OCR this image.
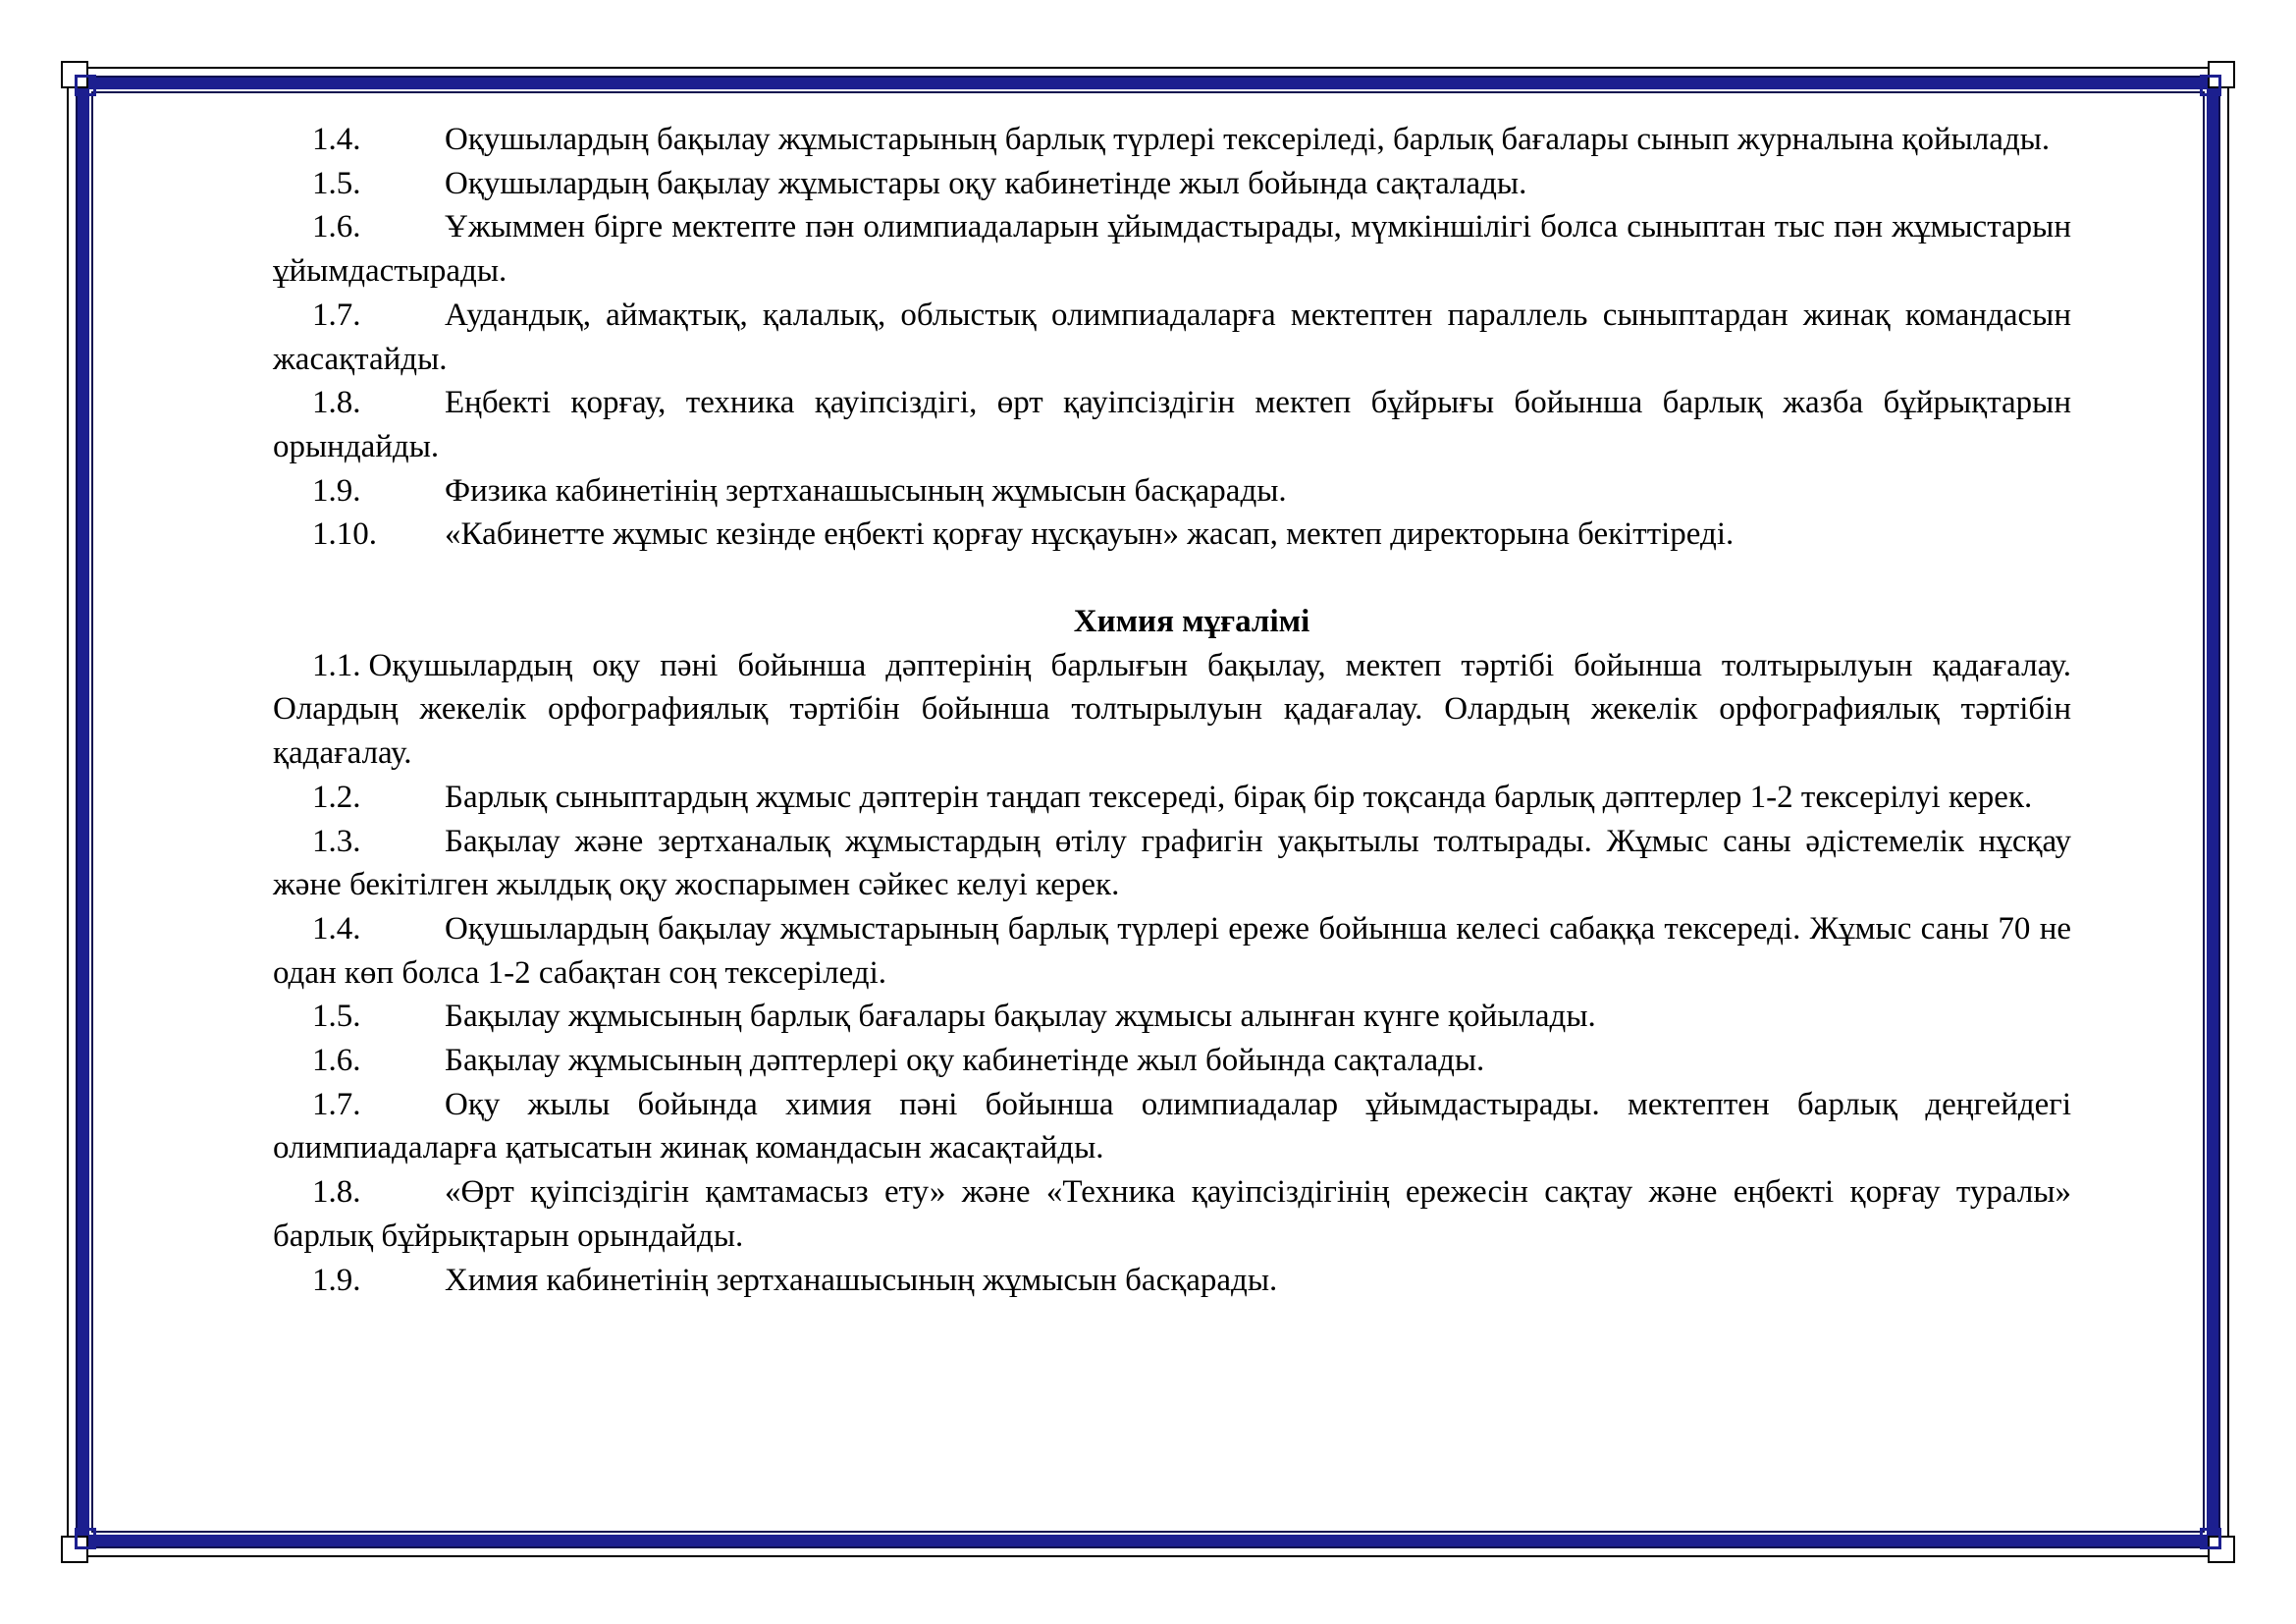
1.4.	Оқушылардың бақылау жұмыстарының барлық түрлері тексеріледі, барлық бағалары сынып журналына қойылады.

1.5.	Оқушылардың бақылау жұмыстары оқу кабинетінде жыл бойында сақталады.

1.6.	Ұжыммен бірге мектепте пән олимпиадаларын ұйымдастырады, мүмкіншілігі болса сыныптан тыс пән жұмыстарын ұйымдастырады.

1.7.	Аудандық, аймақтық, қалалық, облыстық олимпиадаларға мектептен параллель сыныптардан жинақ командасын жасақтайды.

1.8.	Еңбекті қорғау, техника қауіпсіздігі, өрт қауіпсіздігін мектеп бұйрығы бойынша барлық жазба бұйрықтарын орындайды.

1.9.	Физика кабинетінің зертханашысының жұмысын басқарады.

1.10. «Кабинетте жұмыс кезінде еңбекті қорғау нұсқауын» жасап, мектеп директорына бекіттіреді.

Химия мұғалімі

1.1. Оқушылардың оқу пәні бойынша дәптерінің барлығын бақылау, мектеп тәртібі бойынша толтырылуын қадағалау. Олардың жекелік орфографиялық тәртібін бойынша толтырылуын қадағалау. Олардың жекелік орфографиялық тәртібін қадағалау.

1.2.	Барлық сыныптардың жұмыс дәптерін таңдап тексереді, бірақ бір тоқсанда барлық дәптерлер 1-2 тексерілуі керек.

1.3.	Бақылау және зертханалық жұмыстардың өтілу графигін уақытылы толтырады. Жұмыс саны әдістемелік нұсқау және бекітілген жылдық оқу жоспарымен сәйкес келуі керек.

1.4.	Оқушылардың бақылау жұмыстарының барлық түрлері ереже бойынша келесі сабаққа тексереді. Жұмыс саны 70 не одан көп болса 1-2 сабақтан соң тексеріледі.

1.5.	Бақылау жұмысының барлық бағалары бақылау жұмысы алынған күнге қойылады.

1.6.	Бақылау жұмысының дәптерлері оқу кабинетінде жыл бойында сақталады.

1.7.	Оқу жылы бойында химия пәні бойынша олимпиадалар ұйымдастырады. мектептен барлық деңгейдегі олимпиадаларға қатысатын жинақ командасын жасақтайды.

1.8.	«Өрт қуіпсіздігін қамтамасыз ету» және «Техника қауіпсіздігінің ережесін сақтау және еңбекті қорғау туралы» барлық бұйрықтарын орындайды.

1.9.	Химия кабинетінің зертханашысының жұмысын басқарады.
